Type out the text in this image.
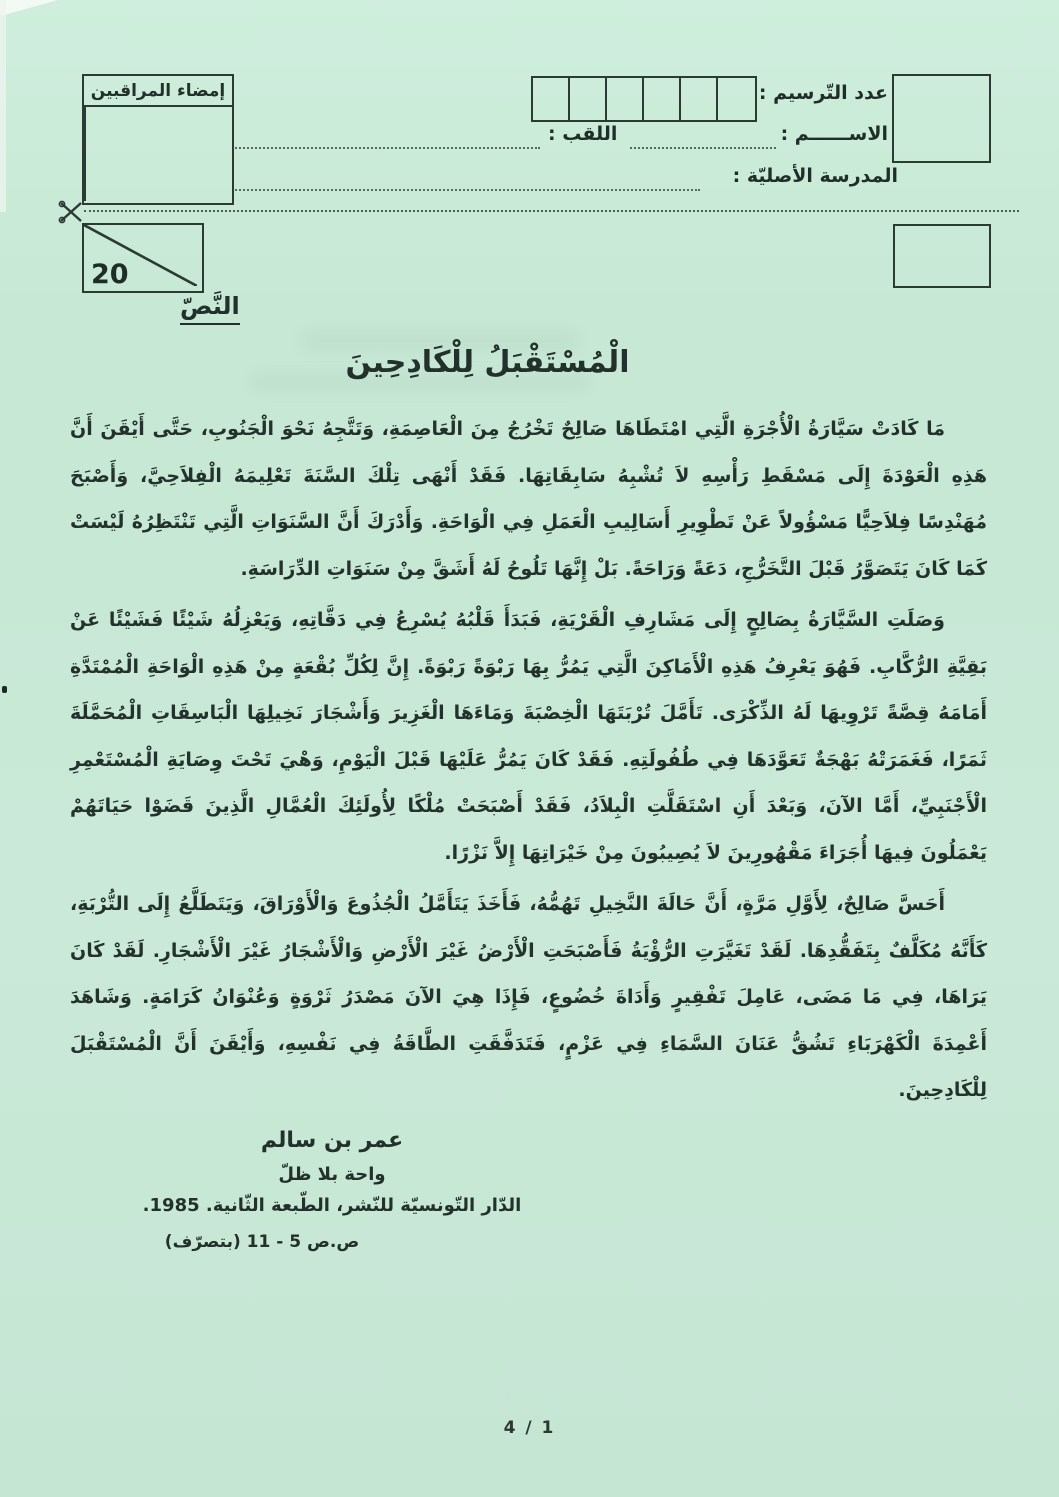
عدد التّرسيم :
الاســــــم :
اللقب :
المدرسة الأصليّة :
إمضاء المراقبين
20
النَّصّ
الْمُسْتَقْبَلُ لِلْكَادِحِينَ

مَا كَادَتْ سَيَّارَةُ الْأُجْرَةِ الَّتِي امْتَطَاهَا صَالِحٌ تَخْرُجُ مِنَ الْعَاصِمَةِ، وَتَتَّجِهُ نَحْوَ الْجَنُوبِ، حَتَّى أَيْقَنَ أَنَّ هَذِهِ الْعَوْدَةَ إِلَى مَسْقَطِ رَأْسِهِ لاَ تُشْبِهُ سَابِقَاتِهَا. فَقَدْ أَنْهَى تِلْكَ السَّنَةَ تَعْلِيمَهُ الْفِلاَحِيَّ، وَأَصْبَحَ مُهَنْدِسًا فِلاَحِيًّا مَسْؤُولاً عَنْ تَطْوِيرِ أَسَالِيبِ الْعَمَلِ فِي الْوَاحَةِ. وَأَدْرَكَ أَنَّ السَّنَوَاتِ الَّتِي تَنْتَظِرُهُ لَيْسَتْ كَمَا كَانَ يَتَصَوَّرُ قَبْلَ التَّخَرُّجِ، دَعَةً وَرَاحَةً. بَلْ إِنَّهَا تَلُوحُ لَهُ أَشَقَّ مِنْ سَنَوَاتِ الدِّرَاسَةِ.

وَصَلَتِ السَّيَّارَةُ بِصَالِحٍ إِلَى مَشَارِفِ الْقَرْيَةِ، فَبَدَأَ قَلْبُهُ يُسْرِعُ فِي دَقَّاتِهِ، وَيَعْزِلُهُ شَيْئًا فَشَيْئًا عَنْ بَقِيَّةِ الرُّكَّابِ. فَهُوَ يَعْرِفُ هَذِهِ الْأَمَاكِنَ الَّتِي يَمُرُّ بِهَا رَبْوَةً رَبْوَةً. إِنَّ لِكُلِّ بُقْعَةٍ مِنْ هَذِهِ الْوَاحَةِ الْمُمْتَدَّةِ أَمَامَهُ قِصَّةً تَرْوِيهَا لَهُ الذِّكْرَى. تَأَمَّلَ تُرْبَتَهَا الْخِصْبَةَ وَمَاءَهَا الْغَزِيرَ وَأَشْجَارَ نَخِيلِهَا الْبَاسِقَاتِ الْمُحَمَّلَةَ ثَمَرًا، فَغَمَرَتْهُ بَهْجَةٌ تَعَوَّدَهَا فِي طُفُولَتِهِ. فَقَدْ كَانَ يَمُرُّ عَلَيْهَا قَبْلَ الْيَوْمِ، وَهْيَ تَحْتَ وِصَايَةِ الْمُسْتَعْمِرِ الْأَجْنَبِيِّ، أَمَّا الآنَ، وَبَعْدَ أَنِ اسْتَقَلَّتِ الْبِلاَدُ، فَقَدْ أَصْبَحَتْ مُلْكًا لِأُولَئِكَ الْعُمَّالِ الَّذِينَ قَضَوْا حَيَاتَهُمْ يَعْمَلُونَ فِيهَا أُجَرَاءَ مَقْهُورِينَ لاَ يُصِيبُونَ مِنْ خَيْرَاتِهَا إِلاَّ نَزْرًا.

أَحَسَّ صَالِحٌ، لِأَوَّلِ مَرَّةٍ، أَنَّ حَالَةَ النَّخِيلِ تَهُمُّهُ، فَأَخَذَ يَتَأَمَّلُ الْجُذُوعَ وَالْأَوْرَاقَ، وَيَتَطَلَّعُ إِلَى التُّرْبَةِ، كَأَنَّهُ مُكَلَّفٌ بِتَفَقُّدِهَا. لَقَدْ تَغَيَّرَتِ الرُّؤْيَةُ فَأَصْبَحَتِ الْأَرْضُ غَيْرَ الْأَرْضِ وَالْأَشْجَارُ غَيْرَ الْأَشْجَارِ. لَقَدْ كَانَ يَرَاهَا، فِي مَا مَضَى، عَامِلَ تَفْقِيرٍ وَأَدَاةَ خُضُوعٍ، فَإِذَا هِيَ الآنَ مَصْدَرُ ثَرْوَةٍ وَعُنْوَانُ كَرَامَةٍ. وَشَاهَدَ أَعْمِدَةَ الْكَهْرَبَاءِ تَشُقُّ عَنَانَ السَّمَاءِ فِي عَزْمٍ، فَتَدَفَّقَتِ الطَّاقَةُ فِي نَفْسِهِ، وَأَيْقَنَ أَنَّ الْمُسْتَقْبَلَ لِلْكَادِحِينَ.

عمر بن سالم
واحة بلا ظلّ
الدّار التّونسيّة للنّشر، الطّبعة الثّانية. 1985.
ص.ص 5 - 11 (بتصرّف)
4 / 1
